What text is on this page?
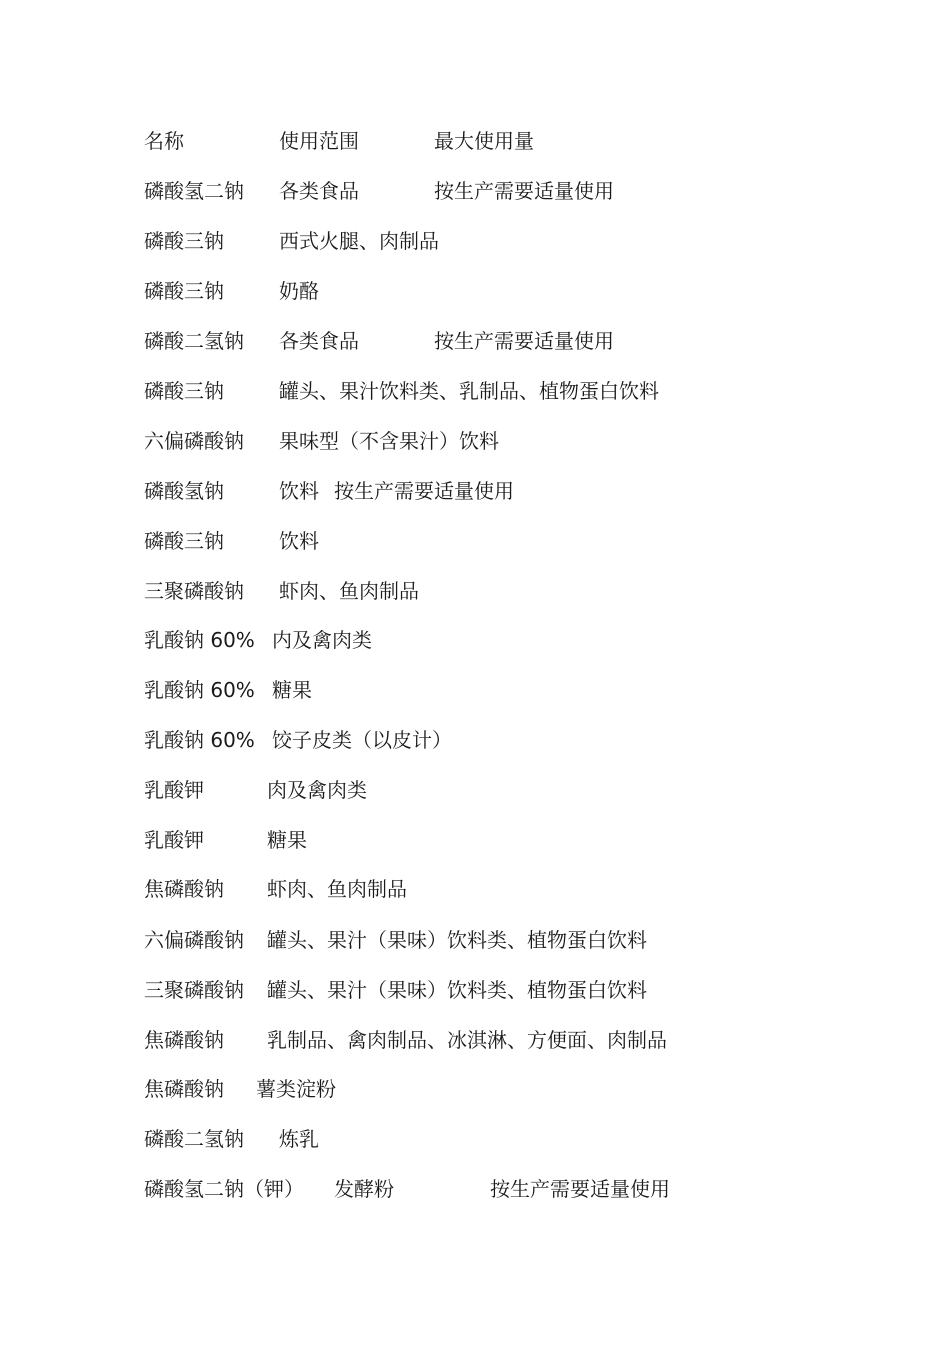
名称	使用范围	最大使用量
磷酸氢二钠 各类食品	按生产需要适量使用
磷酸三钠	西式火腿、肉制品
磷酸三钠	奶酪
磷酸二氢钠 各类食品	按生产需要适量使用
磷酸三钠	罐头、果汁饮料类、乳制品、植物蛋白饮料
六偏磷酸钠 果味型（不含果汁）饮料
磷酸氢钠	饮料 按生产需要适量使用
磷酸三钠	饮料
三聚磷酸钠 虾肉、鱼肉制品
乳酸钠 60% 内及禽肉类
乳酸钠 60% 糖果
乳酸钠 60% 饺子皮类（以皮计）
乳酸钾	肉及禽肉类
乳酸钾	糖果
焦磷酸钠 虾肉、鱼肉制品
六偏磷酸钠 罐头、果汁（果味）饮料类、植物蛋白饮料
三聚磷酸钠 罐头、果汁（果味）饮料类、植物蛋白饮料
焦磷酸钠 乳制品、禽肉制品、冰淇淋、方便面、肉制品
焦磷酸钠 薯类淀粉
磷酸二氢钠 炼乳
磷酸氢二钠（钾） 发酵粉	按生产需要适量使用
